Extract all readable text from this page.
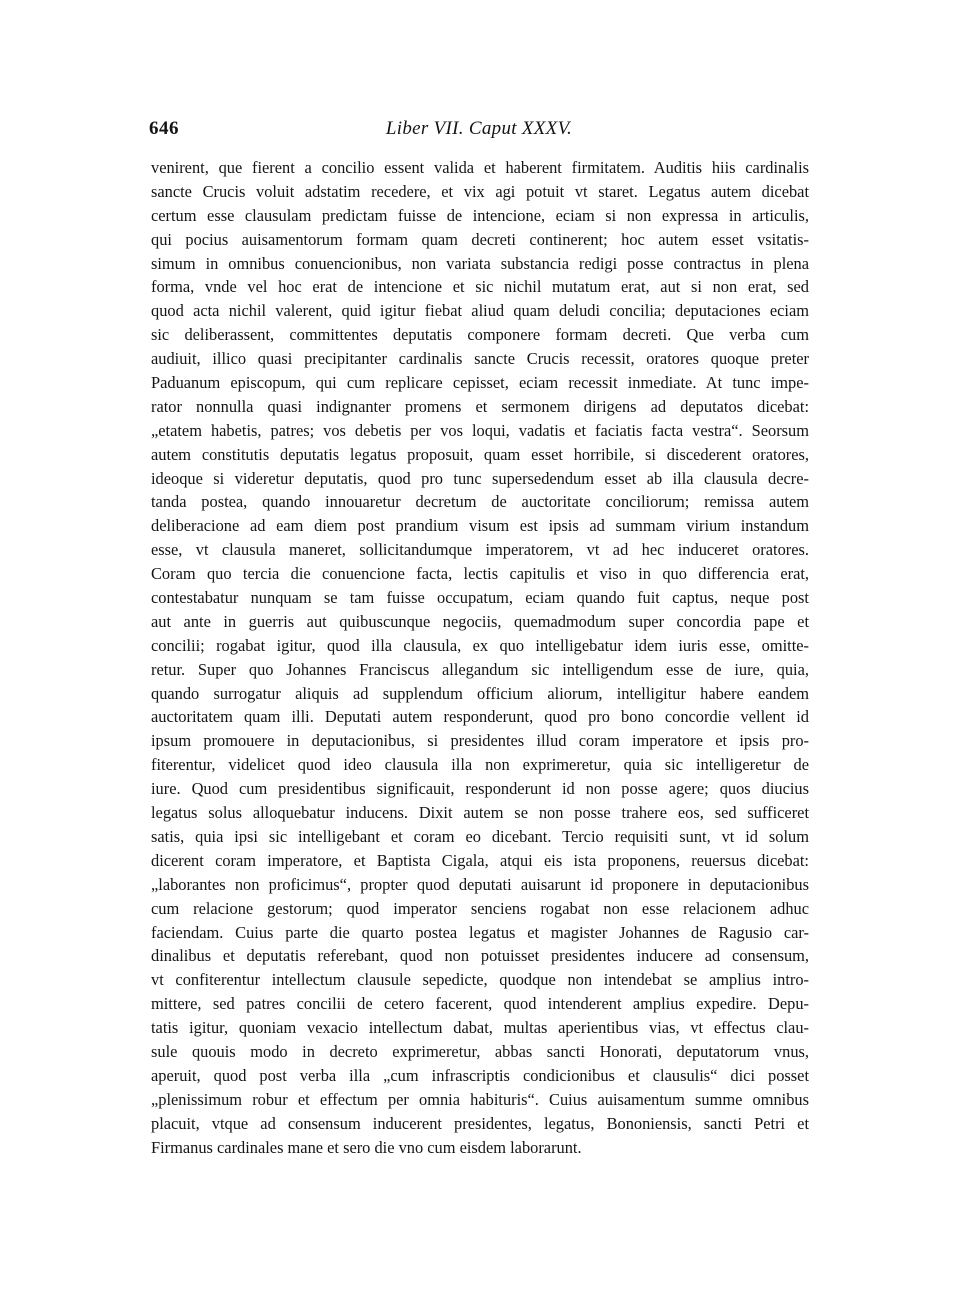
646	Liber VII. Caput XXXV.
venirent, que fierent a concilio essent valida et haberent firmitatem. Auditis hiis cardinalis
sancte Crucis voluit adstatim recedere, et vix agi potuit vt staret. Legatus autem dicebat
certum esse clausulam predictam fuisse de intencione, eciam si non expressa in articulis,
qui pocius auisamentorum formam quam decreti continerent; hoc autem esset vsitatis-
simum in omnibus conuencionibus, non variata substancia redigi posse contractus in plena
forma, vnde vel hoc erat de intencione et sic nichil mutatum erat, aut si non erat, sed
quod acta nichil valerent, quid igitur fiebat aliud quam deludi concilia; deputaciones eciam
sic deliberassent, committentes deputatis componere formam decreti. Que verba cum
audiuit, illico quasi precipitanter cardinalis sancte Crucis recessit, oratores quoque preter
Paduanum episcopum, qui cum replicare cepisset, eciam recessit inmediate. At tunc impe-
rator nonnulla quasi indignanter promens et sermonem dirigens ad deputatos dicebat:
„etatem habetis, patres; vos debetis per vos loqui, vadatis et faciatis facta vestra“. Seorsum
autem constitutis deputatis legatus proposuit, quam esset horribile, si discederent oratores,
ideoque si videretur deputatis, quod pro tunc supersedendum esset ab illa clausula decre-
tanda postea, quando innouaretur decretum de auctoritate conciliorum; remissa autem
deliberacione ad eam diem post prandium visum est ipsis ad summam virium instandum
esse, vt clausula maneret, sollicitandumque imperatorem, vt ad hec induceret oratores.
Coram quo tercia die conuencione facta, lectis capitulis et viso in quo differencia erat,
contestabatur nunquam se tam fuisse occupatum, eciam quando fuit captus, neque post
aut ante in guerris aut quibuscunque negociis, quemadmodum super concordia pape et
concilii; rogabat igitur, quod illa clausula, ex quo intelligebatur idem iuris esse, omitte-
retur. Super quo Johannes Franciscus allegandum sic intelligendum esse de iure, quia,
quando surrogatur aliquis ad supplendum officium aliorum, intelligitur habere eandem
auctoritatem quam illi. Deputati autem responderunt, quod pro bono concordie vellent id
ipsum promouere in deputacionibus, si presidentes illud coram imperatore et ipsis pro-
fiterentur, videlicet quod ideo clausula illa non exprimeretur, quia sic intelligeretur de
iure. Quod cum presidentibus significauit, responderunt id non posse agere; quos diucius
legatus solus alloquebatur inducens. Dixit autem se non posse trahere eos, sed sufficeret
satis, quia ipsi sic intelligebant et coram eo dicebant. Tercio requisiti sunt, vt id solum
dicerent coram imperatore, et Baptista Cigala, atqui eis ista proponens, reuersus dicebat:
„laborantes non proficimus“, propter quod deputati auisarunt id proponere in deputacionibus
cum relacione gestorum; quod imperator senciens rogabat non esse relacionem adhuc
faciendam. Cuius parte die quarto postea legatus et magister Johannes de Ragusio car-
dinalibus et deputatis referebant, quod non potuisset presidentes inducere ad consensum,
vt confiterentur intellectum clausule sepedicte, quodque non intendebat se amplius intro-
mittere, sed patres concilii de cetero facerent, quod intenderent amplius expedire. Depu-
tatis igitur, quoniam vexacio intellectum dabat, multas aperientibus vias, vt effectus clau-
sule quouis modo in decreto exprimeretur, abbas sancti Honorati, deputatorum vnus,
aperuit, quod post verba illa „cum infrascriptis condicionibus et clausulis“ dici posset
„plenissimum robur et effectum per omnia habituris“. Cuius auisamentum summe omnibus
placuit, vtque ad consensum inducerent presidentes, legatus, Bononiensis, sancti Petri et
Firmanus cardinales mane et sero die vno cum eisdem laborarunt.
